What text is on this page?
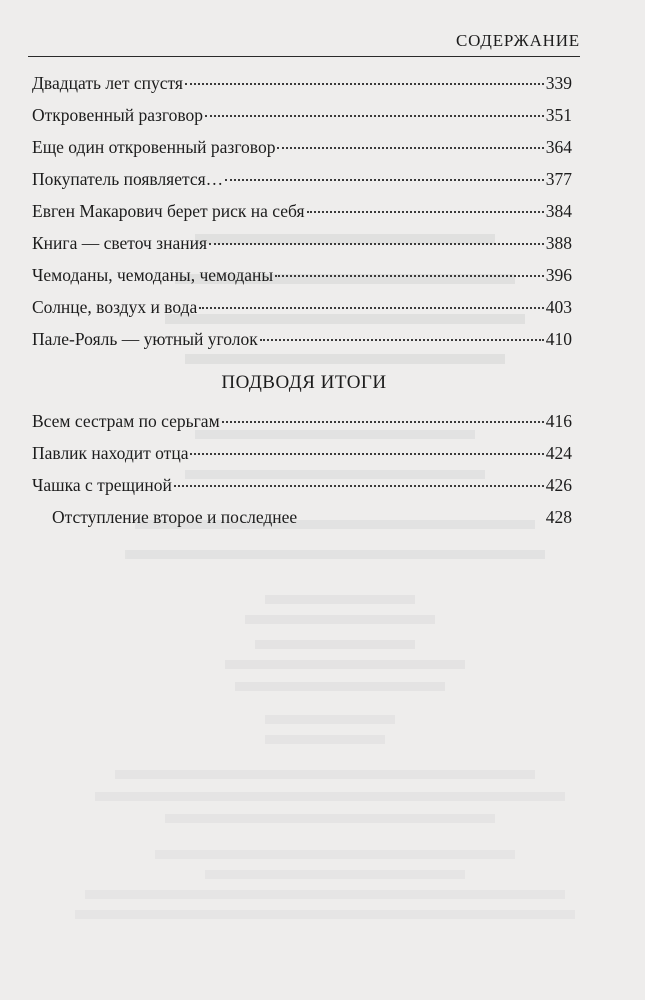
СОДЕРЖАНИЕ
Двадцать лет спустя	339
Откровенный разговор	351
Еще один откровенный разговор	364
Покупатель появляется…	377
Евген Макарович берет риск на себя	384
Книга — светоч знания	388
Чемоданы, чемоданы, чемоданы	396
Солнце, воздух и вода	403
Пале-Рояль — уютный уголок	410
ПОДВОДЯ ИТОГИ
Всем сестрам по серьгам	416
Павлик находит отца	424
Чашка с трещиной	426
Отступление второе и последнее	428
